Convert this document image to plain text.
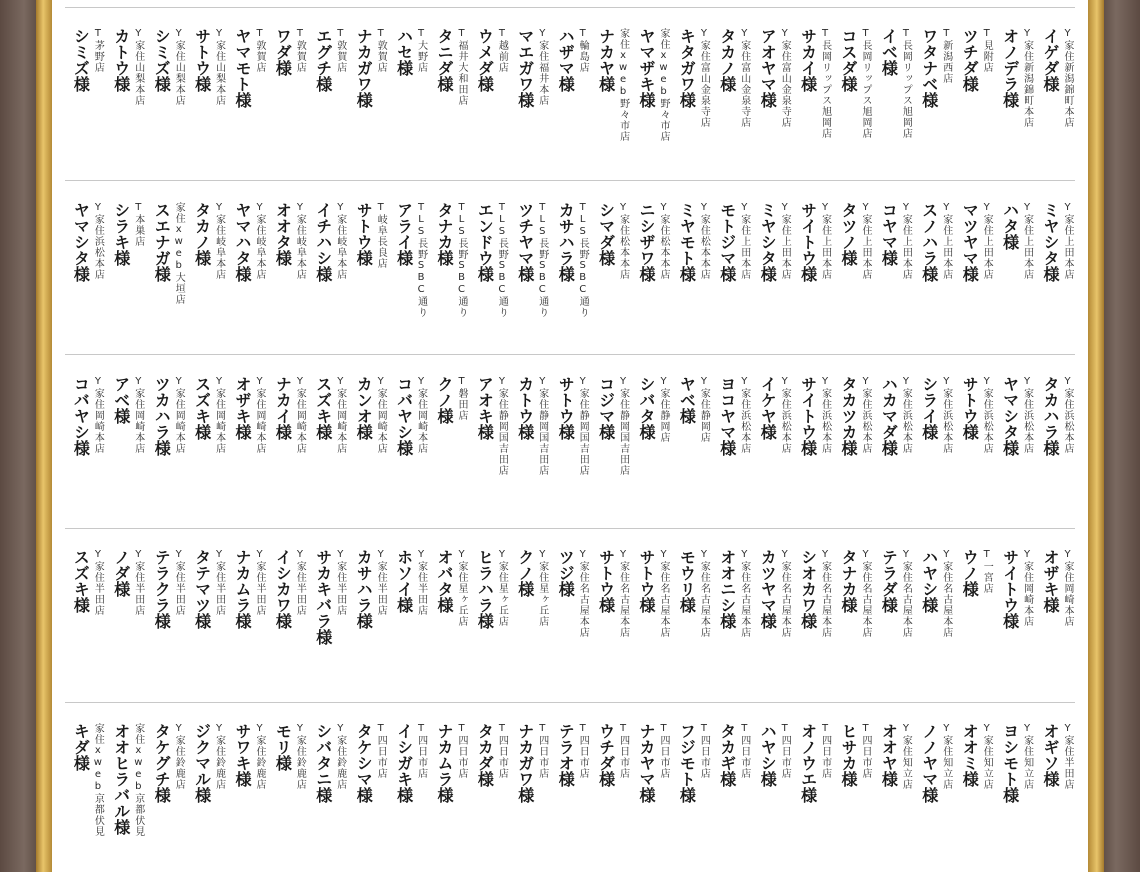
Y家住新潟錦町本店
イゲダ様
Y家住新潟錦町本店
オノデラ様
T見附店
ツチダ様
T新潟西店
ワタナベ様
T長岡リップス旭岡店
イベ様
T長岡リップス旭岡店
コスダ様
T長岡リップス旭岡店
サカイ様
Y家住富山金泉寺店
アオヤマ様
Y家住富山金泉寺店
タカノ様
Y家住富山金泉寺店
キタガワ様
家住xweb野々市店
ヤマザキ様
家住xweb野々市店
ナカヤ様
T輪島店
ハザマ様
Y家住福井本店
マエガワ様
T越前店
ウメダ様
T福井大和田店
タニダ様
T大野店
ハセ様
T敦賀店
ナカガワ様
T敦賀店
エグチ様
T敦賀店
ワダ様
T敦賀店
ヤマモト様
Y家住山梨本店
サトウ様
Y家住山梨本店
シミズ様
Y家住山梨本店
カトウ様
T茅野店
シミズ様
Y家住上田本店
ミヤシタ様
Y家住上田本店
ハタ様
Y家住上田本店
マツヤマ様
Y家住上田本店
スノハラ様
Y家住上田本店
コヤマ様
Y家住上田本店
タツノ様
Y家住上田本店
サイトウ様
Y家住上田本店
ミヤシタ様
Y家住上田本店
モトジマ様
Y家住松本本店
ミヤモト様
Y家住松本本店
ニシザワ様
Y家住松本本店
シマダ様
TLS長野SBC通り
カサハラ様
TLS長野SBC通り
ツチヤマ様
TLS長野SBC通り
エンドウ様
TLS長野SBC通り
タナカ様
TLS長野SBC通り
アライ様
T岐阜長良店
サトウ様
Y家住岐阜本店
イチハシ様
Y家住岐阜本店
オオタ様
Y家住岐阜本店
ヤマハタ様
Y家住岐阜本店
タカノ様
家住xweb大垣店
スエナガ様
T本巣店
シラキ様
Y家住浜松本店
ヤマシタ様
Y家住浜松本店
タカハラ様
Y家住浜松本店
ヤマシタ様
Y家住浜松本店
サトウ様
Y家住浜松本店
シライ様
Y家住浜松本店
ハカマダ様
Y家住浜松本店
タカツカ様
Y家住浜松本店
サイトウ様
Y家住浜松本店
イケヤ様
Y家住浜松本店
ヨコヤマ様
Y家住静岡店
ヤベ様
Y家住静岡店
シバタ様
Y家住静岡国吉田店
コジマ様
Y家住静岡国吉田店
サトウ様
Y家住静岡国吉田店
カトウ様
Y家住静岡国吉田店
アオキ様
T磐田店
クノ様
Y家住岡崎本店
コバヤシ様
Y家住岡崎本店
カンオ様
Y家住岡崎本店
スズキ様
Y家住岡崎本店
ナカイ様
Y家住岡崎本店
オザキ様
Y家住岡崎本店
スズキ様
Y家住岡崎本店
ツカハラ様
Y家住岡崎本店
アベ様
Y家住岡崎本店
コバヤシ様
Y家住岡崎本店
オザキ様
Y家住岡崎本店
サイトウ様
T一宮店
ウノ様
Y家住名古屋本店
ハヤシ様
Y家住名古屋本店
テラダ様
Y家住名古屋本店
タナカ様
Y家住名古屋本店
シオカワ様
Y家住名古屋本店
カツヤマ様
Y家住名古屋本店
オオニシ様
Y家住名古屋本店
モウリ様
Y家住名古屋本店
サトウ様
Y家住名古屋本店
サトウ様
Y家住名古屋本店
ツジ様
Y家住星ヶ丘店
クノ様
Y家住星ヶ丘店
ヒラハラ様
Y家住星ヶ丘店
オバタ様
Y家住半田店
ホソイ様
Y家住半田店
カサハラ様
Y家住半田店
サカキバラ様
Y家住半田店
イシカワ様
Y家住半田店
ナカムラ様
Y家住半田店
タテマツ様
Y家住半田店
テラクラ様
Y家住半田店
ノダ様
Y家住半田店
スズキ様
Y家住半田店
オギソ様
Y家住知立店
ヨシモト様
Y家住知立店
オオミ様
Y家住知立店
ノノヤマ様
Y家住知立店
オオヤ様
T四日市店
ヒサカ様
T四日市店
オノウエ様
T四日市店
ハヤシ様
T四日市店
タカギ様
T四日市店
フジモト様
T四日市店
ナカヤマ様
T四日市店
ウチダ様
T四日市店
テラオ様
T四日市店
ナカガワ様
T四日市店
タカダ様
T四日市店
ナカムラ様
T四日市店
イシガキ様
T四日市店
タケシマ様
Y家住鈴鹿店
シバタニ様
Y家住鈴鹿店
モリ様
Y家住鈴鹿店
サワキ様
Y家住鈴鹿店
ジクマル様
Y家住鈴鹿店
タケグチ様
家住xweb京都伏見
オオヒラバル様
家住xweb京都伏見
キダ様
